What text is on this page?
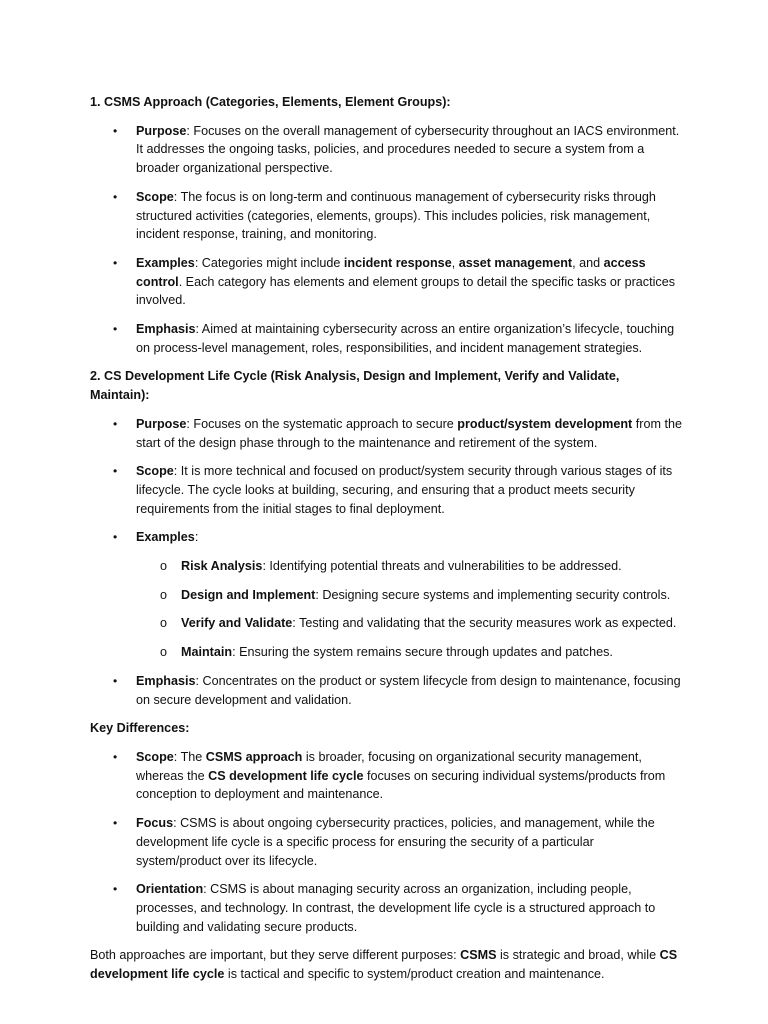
1. CSMS Approach (Categories, Elements, Element Groups):

• Purpose: Focuses on the overall management of cybersecurity throughout an IACS environment. It addresses the ongoing tasks, policies, and procedures needed to secure a system from a broader organizational perspective.
• Scope: The focus is on long-term and continuous management of cybersecurity risks through structured activities (categories, elements, groups). This includes policies, risk management, incident response, training, and monitoring.
• Examples: Categories might include incident response, asset management, and access control. Each category has elements and element groups to detail the specific tasks or practices involved.
• Emphasis: Aimed at maintaining cybersecurity across an entire organization’s lifecycle, touching on process-level management, roles, responsibilities, and incident management strategies.

2. CS Development Life Cycle (Risk Analysis, Design and Implement, Verify and Validate, Maintain):

• Purpose: Focuses on the systematic approach to secure product/system development from the start of the design phase through to the maintenance and retirement of the system.
• Scope: It is more technical and focused on product/system security through various stages of its lifecycle. The cycle looks at building, securing, and ensuring that a product meets security requirements from the initial stages to final deployment.
• Examples:
o Risk Analysis: Identifying potential threats and vulnerabilities to be addressed.
o Design and Implement: Designing secure systems and implementing security controls.
o Verify and Validate: Testing and validating that the security measures work as expected.
o Maintain: Ensuring the system remains secure through updates and patches.
• Emphasis: Concentrates on the product or system lifecycle from design to maintenance, focusing on secure development and validation.

Key Differences:

• Scope: The CSMS approach is broader, focusing on organizational security management, whereas the CS development life cycle focuses on securing individual systems/products from conception to deployment and maintenance.
• Focus: CSMS is about ongoing cybersecurity practices, policies, and management, while the development life cycle is a specific process for ensuring the security of a particular system/product over its lifecycle.
• Orientation: CSMS is about managing security across an organization, including people, processes, and technology. In contrast, the development life cycle is a structured approach to building and validating secure products.

Both approaches are important, but they serve different purposes: CSMS is strategic and broad, while CS development life cycle is tactical and specific to system/product creation and maintenance.
